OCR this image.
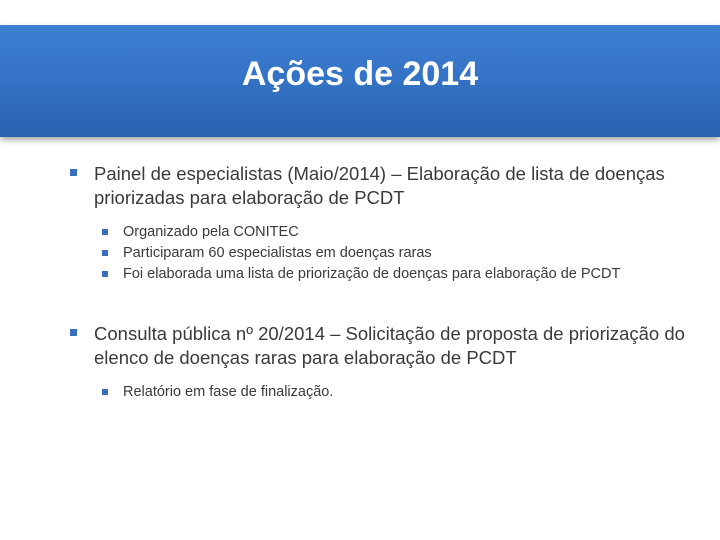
Ações de 2014
Painel de especialistas (Maio/2014) – Elaboração de lista de doenças priorizadas para elaboração de PCDT
Organizado pela CONITEC
Participaram 60 especialistas em doenças raras
Foi elaborada uma lista de priorização de doenças para elaboração de PCDT
Consulta pública nº 20/2014 – Solicitação de proposta de priorização do elenco de doenças raras para elaboração de PCDT
Relatório em fase de finalização.
